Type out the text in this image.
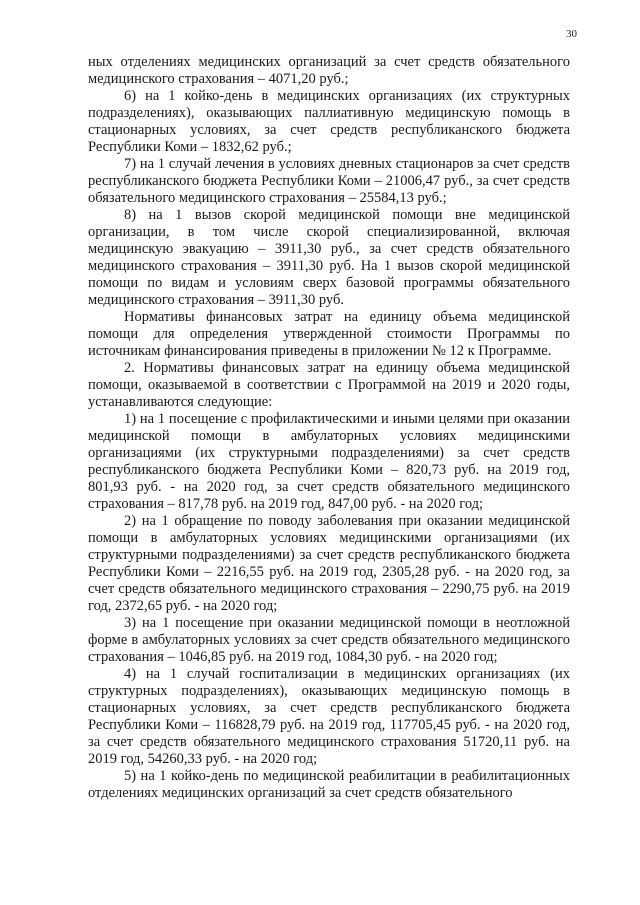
30

ных отделениях медицинских организаций за счет средств обязательного медицинского страхования – 4071,20 руб.;

6) на 1 койко-день в медицинских организациях (их структурных подразделениях), оказывающих паллиативную медицинскую помощь в стационарных условиях, за счет средств республиканского бюджета Республики Коми – 1832,62 руб.;

7) на 1 случай лечения в условиях дневных стационаров за счет средств республиканского бюджета Республики Коми – 21006,47 руб., за счет средств обязательного медицинского страхования – 25584,13 руб.;

8) на 1 вызов скорой медицинской помощи вне медицинской организации, в том числе скорой специализированной, включая медицинскую эвакуацию – 3911,30 руб., за счет средств обязательного медицинского страхования – 3911,30 руб. На 1 вызов скорой медицинской помощи по видам и условиям сверх базовой программы обязательного медицинского страхования – 3911,30 руб.

Нормативы финансовых затрат на единицу объема медицинской помощи для определения утвержденной стоимости Программы по источникам финансирования приведены в приложении № 12 к Программе.

2. Нормативы финансовых затрат на единицу объема медицинской помощи, оказываемой в соответствии с Программой на 2019 и 2020 годы, устанавливаются следующие:

1) на 1 посещение с профилактическими и иными целями при оказании медицинской помощи в амбулаторных условиях медицинскими организациями (их структурными подразделениями) за счет средств республиканского бюджета Республики Коми – 820,73 руб. на 2019 год, 801,93 руб. - на 2020 год, за счет средств обязательного медицинского страхования – 817,78 руб. на 2019 год, 847,00 руб. - на 2020 год;

2) на 1 обращение по поводу заболевания при оказании медицинской помощи в амбулаторных условиях медицинскими организациями (их структурными подразделениями) за счет средств республиканского бюджета Республики Коми – 2216,55 руб. на 2019 год, 2305,28 руб. - на 2020 год, за счет средств обязательного медицинского страхования – 2290,75 руб. на 2019 год, 2372,65 руб. - на 2020 год;

3) на 1 посещение при оказании медицинской помощи в неотложной форме в амбулаторных условиях за счет средств обязательного медицинского страхования – 1046,85 руб. на 2019 год, 1084,30 руб. - на 2020 год;

4) на 1 случай госпитализации в медицинских организациях (их структурных подразделениях), оказывающих медицинскую помощь в стационарных условиях, за счет средств республиканского бюджета Республики Коми – 116828,79 руб. на 2019 год, 117705,45 руб. - на 2020 год, за счет средств обязательного медицинского страхования 51720,11 руб. на 2019 год, 54260,33 руб. - на 2020 год;

5) на 1 койко-день по медицинской реабилитации в реабилитационных отделениях медицинских организаций за счет средств обязательного
